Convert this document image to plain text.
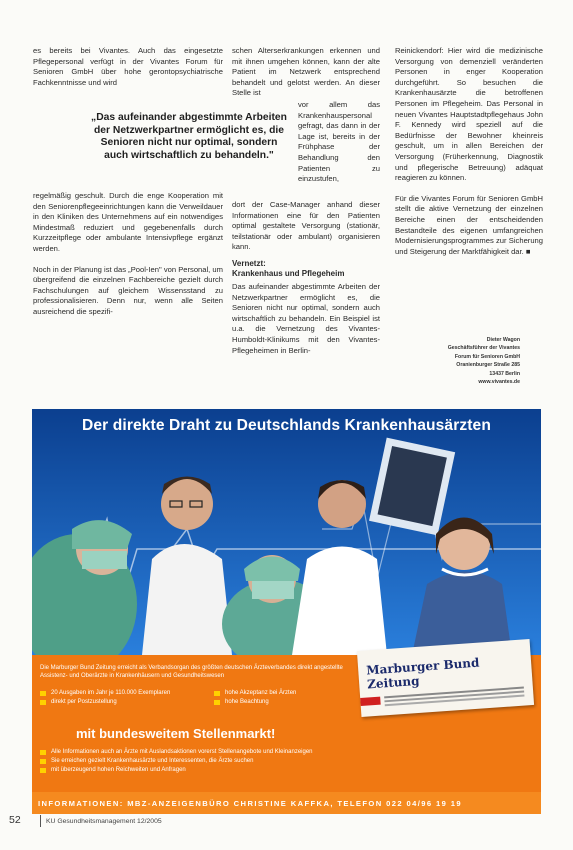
es bereits bei Vivantes. Auch das eingesetzte Pflegepersonal verfügt in der Vivantes Forum für Senioren GmbH über hohe gerontopsychiatrische Fachkenntnisse und wird

„Das aufeinander abgestimmte Arbeiten der Netzwerkpartner ermöglicht es, die Senioren nicht nur optimal, sondern auch wirtschaftlich zu behandeln."

regelmäßig geschult. Durch die enge Kooperation mit den Seniorenpflegeeinrichtungen kann die Verweildauer in den Kliniken des Unternehmens auf ein notwendiges Mindestmaß reduziert und gegebenenfalls durch Kurzzeitpflege oder ambulante Intensivpflege ergänzt werden.

Noch in der Planung ist das „Pool-Ien" von Personal, um übergreifend die einzelnen Fachbereiche gezielt durch Fachschulungen auf gleichem Wissensstand zu professionalisieren. Denn nur, wenn alle Seiten ausreichend die spezifi-

schen Alterserkrankungen erkennen und mit ihnen umgehen können, kann der alte Patient im Netzwerk entsprechend behandelt und gelotst werden. An dieser Stelle ist

vor allem das Krankenhauspersonal gefragt, das dann in der Lage ist, bereits in der Frühphase der Behandlung den Patienten zu einzustufen,

dort der Case-Manager anhand dieser Informationen eine für den Patienten optimal gestaltete Versorgung (stationär, teilstationär oder ambulant) organisieren kann.

Vernetzt:
Krankenhaus und Pflegeheim

Das aufeinander abgestimmte Arbeiten der Netzwerkpartner ermöglicht es, die Senioren nicht nur optimal, sondern auch wirtschaftlich zu behandeln. Ein Beispiel ist u.a. die Vernetzung des Vivantes-Humboldt-Klinikums mit den Vivantes-Pflegeheimen in Berlin-

Reinickendorf: Hier wird die medizinische Versorgung von demenziell veränderten Personen in enger Kooperation durchgeführt. So besuchen die Krankenhausärzte die betroffenen Personen im Pflegeheim. Das Personal in neuen Vivantes Hauptstadtpflegehaus John F. Kennedy wird speziell auf die Bedürfnisse der Bewohner kheinreis geschult, um in allen Bereichen der Versorgung (Früherkennung, Diagnostik und pflegerische Betreuung) adäquat reagieren zu können.

Für die Vivantes Forum für Senioren GmbH stellt die aktive Vernetzung der einzelnen Bereiche einen der entscheidenden Bestandteile des eigenen umfangreichen Modernisierungsprogrammes zur Sicherung und Steigerung der Marktfähigkeit dar. ■

Dieter Wagon
Geschäftsführer der Vivantes
Forum für Senioren GmbH
Oranienburger Straße 285
13437 Berlin
www.vivantes.de
Der direkte Draht zu Deutschlands Krankenhausärzten
Die Marburger Bund Zeitung erreicht als Verbandsorgan des größten deutschen Ärzteverbandes direkt angestellte Assistenz- und Oberärzte in Krankenhäusern und Gesundheitswesen
20 Ausgaben im Jahr je 110.000 Exemplaren
direkt per Postzustellung
hohe Akzeptanz bei Ärzten
hohe Beachtung
Marburger Bund Zeitung
mit bundesweitem Stellenmarkt!
Alle Informationen auch an Ärzte mit Auslandsaktionen vorerst Stellenangebote und Kleinanzeigen
Sie erreichen gezielt Krankenhausärzte und Interessenten, die Ärzte suchen
mit überzeugend hohen Reichweiten und Anfragen
INFORMATIONEN: MBZ-ANZEIGENBÜRO CHRISTINE KAFFKA, TELEFON 022 04/96 19 19
52	KU Gesundheitsmanagement 12/2005
